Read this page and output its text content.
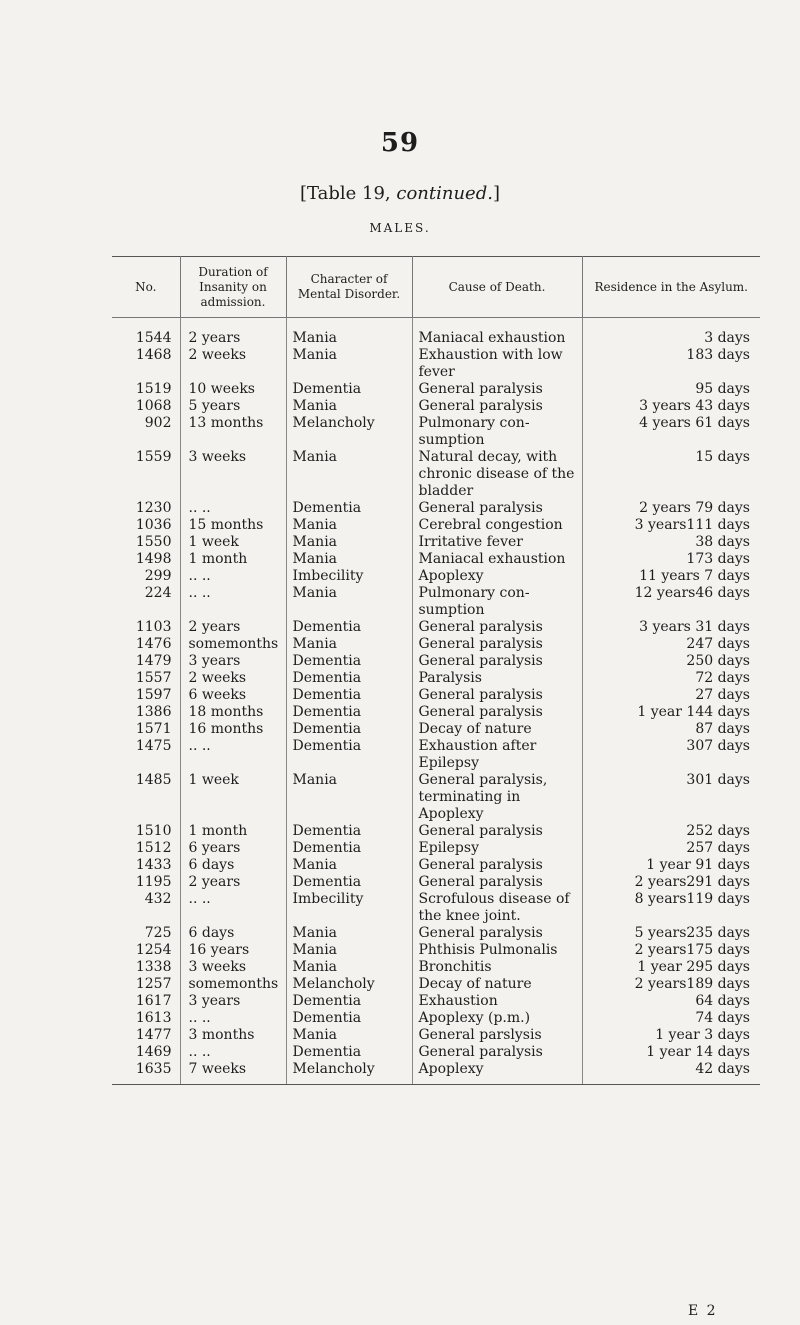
59
[Table 19, continued.]
MALES.
No.	Duration of Insanity on admission.	Character of Mental Disorder.	Cause of Death.	Residence in the Asylum.

1544	2 years	Mania	Maniacal exhaustion	3 days
1468	2 weeks	Mania	Exhaustion with low fever	183 days
1519	10 weeks	Dementia	General paralysis	95 days
1068	5 years	Mania	General paralysis	3 years 43 days
902	13 months	Melancholy	Pulmonary con-sumption	4 years 61 days
1559	3 weeks	Mania	Natural decay, with chronic disease of the bladder	15 days
1230	.. ..	Dementia	General paralysis	2 years 79 days
1036	15 months	Mania	Cerebral congestion	3 years111 days
1550	1 week	Mania	Irritative fever	38 days
1498	1 month	Mania	Maniacal exhaustion	173 days
299	.. ..	Imbecility	Apoplexy	11 years 7 days
224	.. ..	Mania	Pulmonary con-sumption	12 years46 days
1103	2 years	Dementia	General paralysis	3 years 31 days
1476	somemonths	Mania	General paralysis	247 days
1479	3 years	Dementia	General paralysis	250 days
1557	2 weeks	Dementia	Paralysis	72 days
1597	6 weeks	Dementia	General paralysis	27 days
1386	18 months	Dementia	General paralysis	1 year 144 days
1571	16 months	Dementia	Decay of nature	87 days
1475	.. ..	Dementia	Exhaustion after Epilepsy	307 days
1485	1 week	Mania	General paralysis, terminating in Apoplexy	301 days
1510	1 month	Dementia	General paralysis	252 days
1512	6 years	Dementia	Epilepsy	257 days
1433	6 days	Mania	General paralysis	1 year 91 days
1195	2 years	Dementia	General paralysis	2 years291 days
432	.. ..	Imbecility	Scrofulous disease of the knee joint.	8 years119 days
725	6 days	Mania	General paralysis	5 years235 days
1254	16 years	Mania	Phthisis Pulmonalis	2 years175 days
1338	3 weeks	Mania	Bronchitis	1 year 295 days
1257	somemonths	Melancholy	Decay of nature	2 years189 days
1617	3 years	Dementia	Exhaustion	64 days
1613	.. ..	Dementia	Apoplexy (p.m.)	74 days
1477	3 months	Mania	General parslysis	1 year 3 days
1469	.. ..	Dementia	General paralysis	1 year 14 days
1635	7 weeks	Melancholy	Apoplexy	42 days
E 2
